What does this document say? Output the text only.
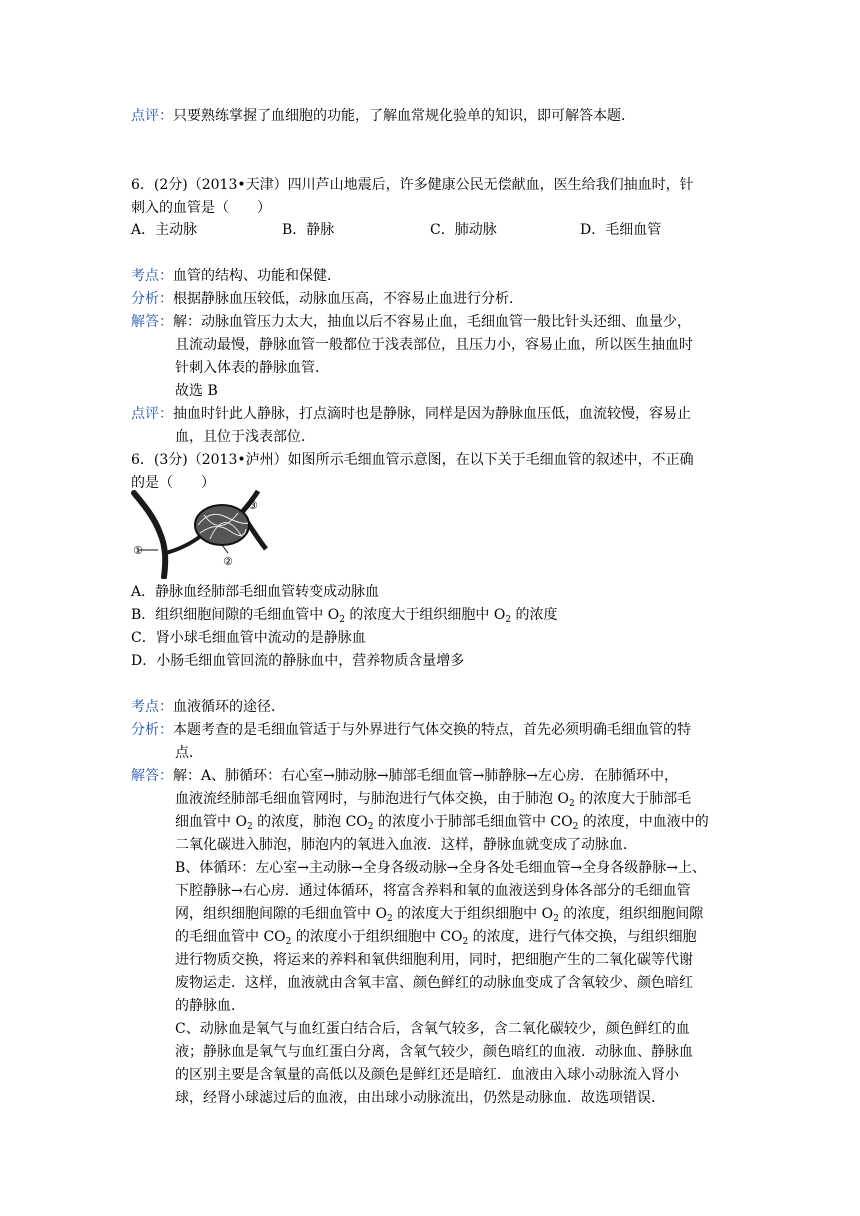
点评：只要熟练掌握了血细胞的功能，了解血常规化验单的知识，即可解答本题．
6．(2分)（2013•天津）四川芦山地震后，许多健康公民无偿献血，医生给我们抽血时，针
刺入的血管是（　　）
A．主动脉	B．静脉	C．肺动脉	D．毛细血管
考点：血管的结构、功能和保健．
分析：根据静脉血压较低，动脉血压高，不容易止血进行分析．
解答：解：动脉血管压力太大，抽血以后不容易止血，毛细血管一般比针头还细、血量少，
且流动最慢，静脉血管一般都位于浅表部位，且压力小，容易止血，所以医生抽血时
针刺入体表的静脉血管．
故选 B
点评：抽血时针此人静脉，打点滴时也是静脉，同样是因为静脉血压低，血流较慢，容易止
血，且位于浅表部位．
6．(3分)（2013•泸州）如图所示毛细血管示意图，在以下关于毛细血管的叙述中，不正确
的是（　　）
①
②
③
A．静脉血经肺部毛细血管转变成动脉血
B．组织细胞间隙的毛细血管中 $O_2$ 的浓度大于组织细胞中 $O_2$ 的浓度
C．肾小球毛细血管中流动的是静脉血
D．小肠毛细血管回流的静脉血中，营养物质含量增多
考点：血液循环的途径．
分析：本题考查的是毛细血管适于与外界进行气体交换的特点，首先必须明确毛细血管的特
点．
解答：解：A、肺循环：右心室→肺动脉→肺部毛细血管→肺静脉→左心房．在肺循环中，
血液流经肺部毛细血管网时，与肺泡进行气体交换，由于肺泡 $O_2$ 的浓度大于肺部毛
细血管中 $O_2$ 的浓度，肺泡 $CO_2$ 的浓度小于肺部毛细血管中 $CO_2$ 的浓度，中血液中的
二氧化碳进入肺泡，肺泡内的氧进入血液．这样，静脉血就变成了动脉血．
B、体循环：左心室→主动脉→全身各级动脉→全身各处毛细血管→全身各级静脉→上、
下腔静脉→右心房．通过体循环，将富含养料和氧的血液送到身体各部分的毛细血管
网，组织细胞间隙的毛细血管中 $O_2$ 的浓度大于组织细胞中 $O_2$ 的浓度，组织细胞间隙
的毛细血管中 $CO_2$ 的浓度小于组织细胞中 $CO_2$ 的浓度，进行气体交换，与组织细胞
进行物质交换，将运来的养料和氧供细胞利用，同时，把细胞产生的二氧化碳等代谢
废物运走．这样，血液就由含氧丰富、颜色鲜红的动脉血变成了含氧较少、颜色暗红
的静脉血．
C、动脉血是氧气与血红蛋白结合后，含氧气较多，含二氧化碳较少，颜色鲜红的血
液；静脉血是氧气与血红蛋白分离，含氧气较少，颜色暗红的血液．动脉血、静脉血
的区别主要是含氧量的高低以及颜色是鲜红还是暗红．血液由入球小动脉流入肾小
球，经肾小球滤过后的血液，由出球小动脉流出，仍然是动脉血．故选项错误．
